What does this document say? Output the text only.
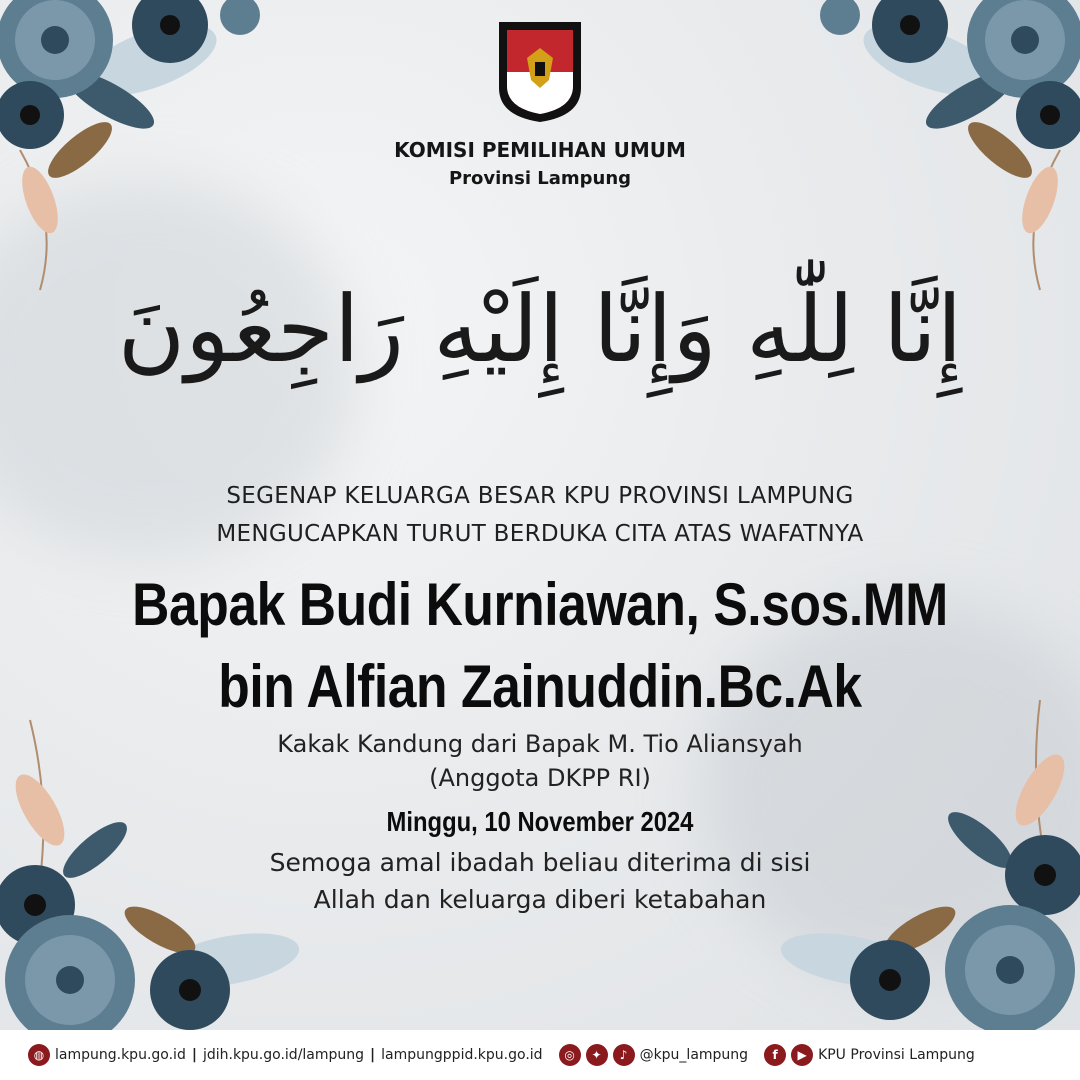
KOMISI PEMILIHAN UMUM
Provinsi Lampung
إِنَّا لِلّٰهِ وَإِنَّا إِلَيْهِ رَاجِعُونَ
SEGENAP KELUARGA BESAR KPU PROVINSI LAMPUNG
MENGUCAPKAN TURUT BERDUKA CITA ATAS WAFATNYA
Bapak Budi Kurniawan, S.sos.MM
bin Alfian Zainuddin.Bc.Ak
Kakak Kandung dari Bapak M. Tio Aliansyah
(Anggota DKPP RI)
Minggu, 10 November 2024
Semoga amal ibadah beliau diterima di sisi
Allah dan keluarga diberi ketabahan
◍ lampung.kpu.go.id | jdih.kpu.go.id/lampung | lampungppid.kpu.go.id	◎	✦	♪ @kpu_lampung	f	▶ KPU Provinsi Lampung
